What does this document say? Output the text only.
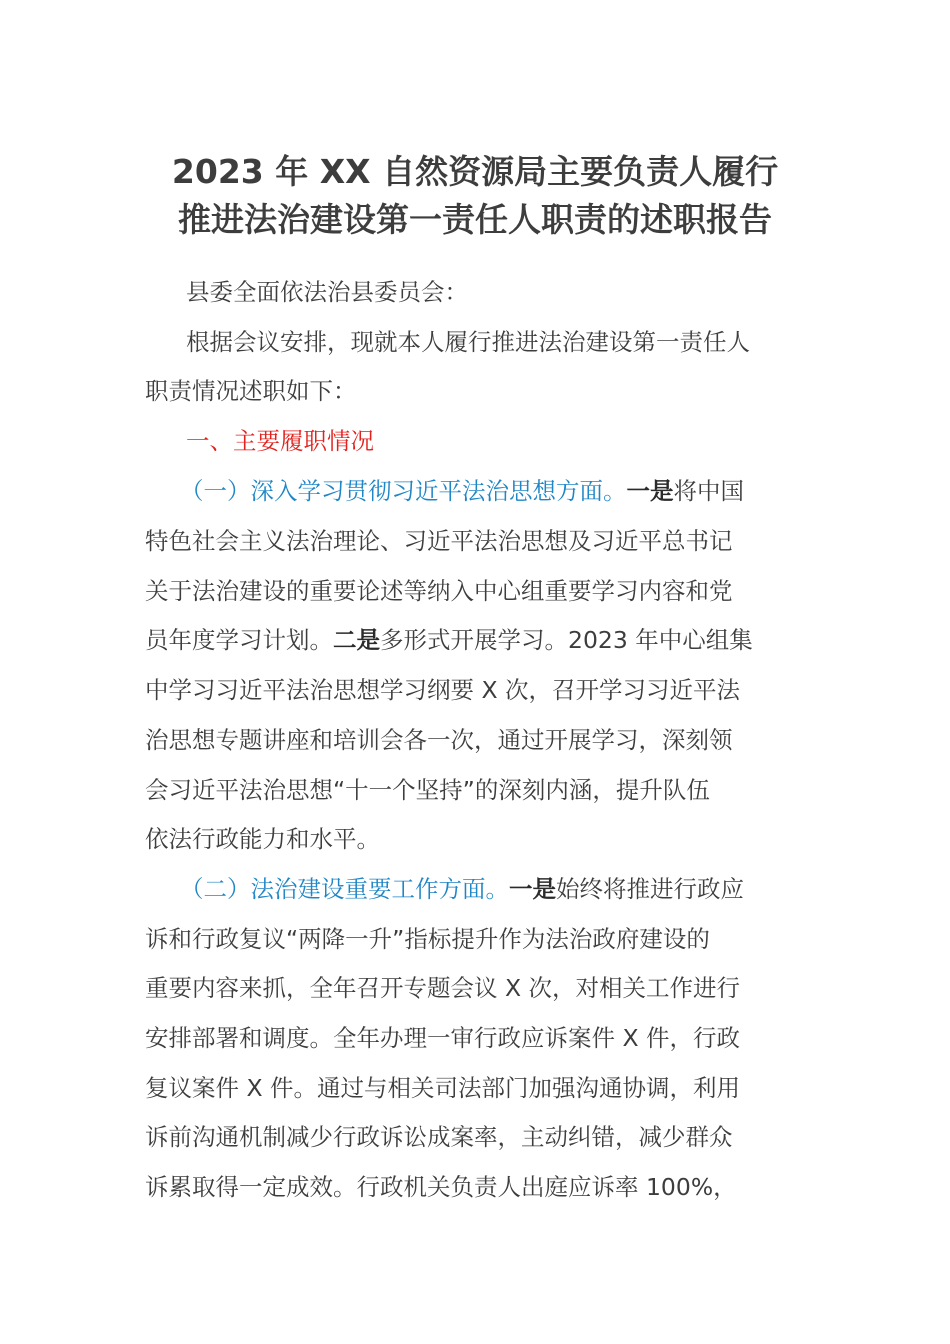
2023 年 XX 自然资源局主要负责人履行
推进法治建设第一责任人职责的述职报告
县委全面依法治县委员会：
根据会议安排，现就本人履行推进法治建设第一责任人
职责情况述职如下：
一、主要履职情况
（一）深入学习贯彻习近平法治思想方面。一是将中国
特色社会主义法治理论、习近平法治思想及习近平总书记
关于法治建设的重要论述等纳入中心组重要学习内容和党
员年度学习计划。二是多形式开展学习。2023 年中心组集
中学习习近平法治思想学习纲要 X 次，召开学习习近平法
治思想专题讲座和培训会各一次，通过开展学习，深刻领
会习近平法治思想“十一个坚持”的深刻内涵，提升队伍
依法行政能力和水平。
（二）法治建设重要工作方面。一是始终将推进行政应
诉和行政复议“两降一升”指标提升作为法治政府建设的
重要内容来抓，全年召开专题会议 X 次，对相关工作进行
安排部署和调度。全年办理一审行政应诉案件 X 件，行政
复议案件 X 件。通过与相关司法部门加强沟通协调，利用
诉前沟通机制减少行政诉讼成案率，主动纠错，减少群众
诉累取得一定成效。行政机关负责人出庭应诉率 100%，
